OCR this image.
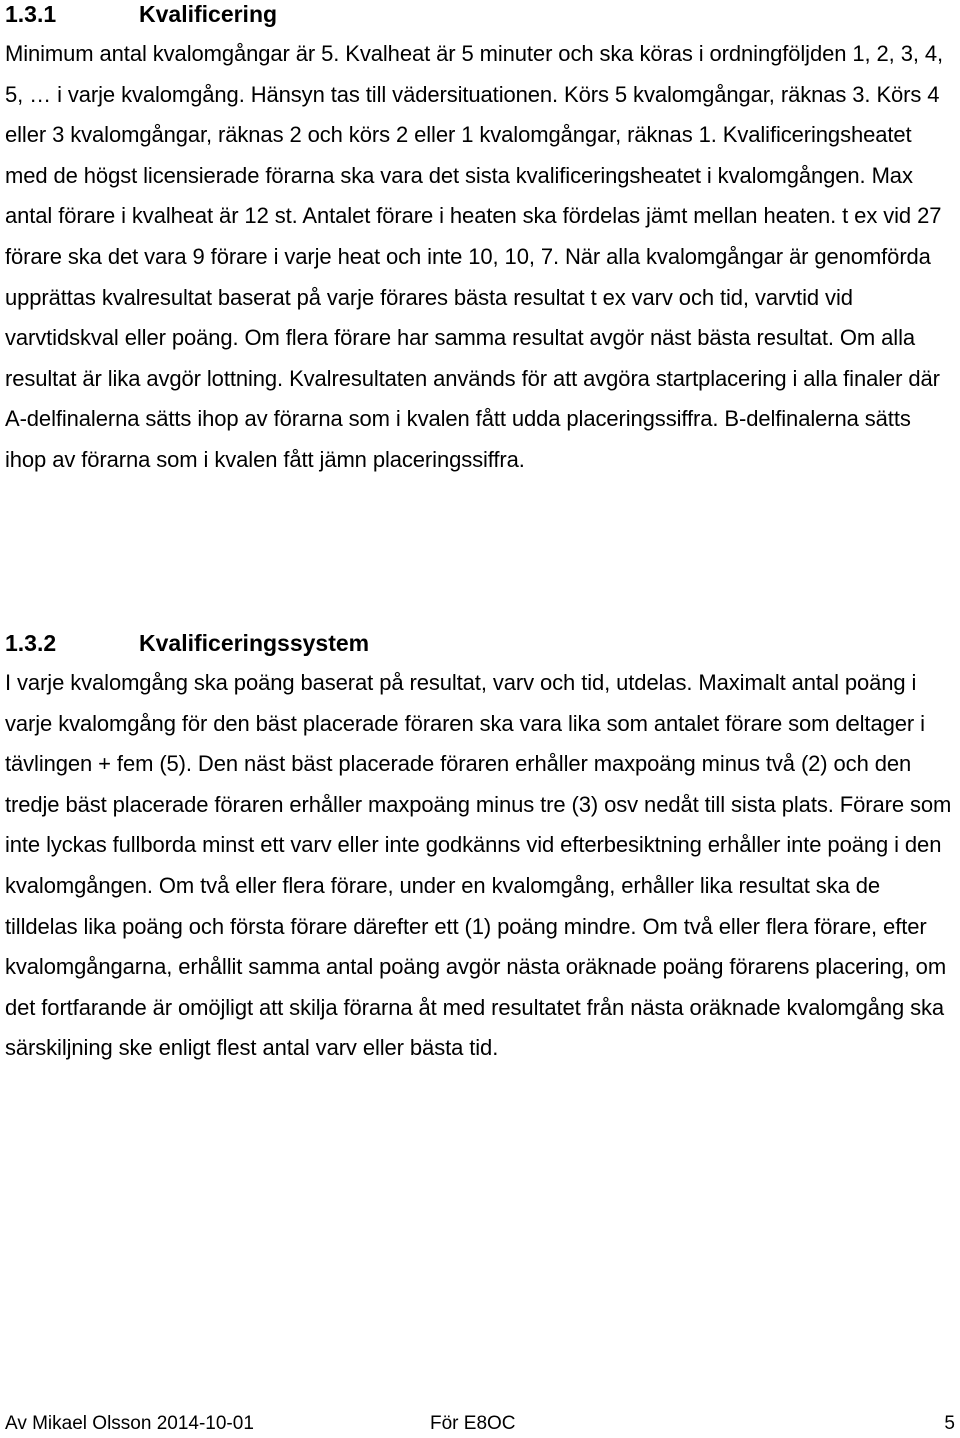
1.3.1	Kvalificering

Minimum antal kvalomgångar är 5. Kvalheat är 5 minuter och ska köras i ordningföljden 1, 2, 3, 4, 5, … i varje kvalomgång. Hänsyn tas till vädersituationen. Körs 5 kvalomgångar, räknas 3. Körs 4 eller 3 kvalomgångar, räknas 2 och körs 2 eller 1 kvalomgångar, räknas 1. Kvalificeringsheatet med de högst licensierade förarna ska vara det sista kvalificeringsheatet i kvalomgången. Max antal förare i kvalheat är 12 st. Antalet förare i heaten ska fördelas jämt mellan heaten. t ex vid 27 förare ska det vara 9 förare i varje heat och inte 10, 10, 7. När alla kvalomgångar är genomförda upprättas kvalresultat baserat på varje förares bästa resultat t ex varv och tid, varvtid vid varvtidskval eller poäng. Om flera förare har samma resultat avgör näst bästa resultat. Om alla resultat är lika avgör lottning. Kvalresultaten används för att avgöra startplacering i alla finaler där A-delfinalerna sätts ihop av förarna som i kvalen fått udda placeringssiffra. B-delfinalerna sätts ihop av förarna som i kvalen fått jämn placeringssiffra.

1.3.2	Kvalificeringssystem

I varje kvalomgång ska poäng baserat på resultat, varv och tid, utdelas. Maximalt antal poäng i varje kvalomgång för den bäst placerade föraren ska vara lika som antalet förare som deltager i tävlingen + fem (5). Den näst bäst placerade föraren erhåller maxpoäng minus två (2) och den tredje bäst placerade föraren erhåller maxpoäng minus tre (3) osv nedåt till sista plats. Förare som inte lyckas fullborda minst ett varv eller inte godkänns vid efterbesiktning erhåller inte poäng i den kvalomgången. Om två eller flera förare, under en kvalomgång, erhåller lika resultat ska de tilldelas lika poäng och första förare därefter ett (1) poäng mindre. Om två eller flera förare, efter kvalomgångarna, erhållit samma antal poäng avgör nästa oräknade poäng förarens placering, om det fortfarande är omöjligt att skilja förarna åt med resultatet från nästa oräknade kvalomgång ska särskiljning ske enligt flest antal varv eller bästa tid.

Av Mikael Olsson 2014-10-01	För E8OC	5
